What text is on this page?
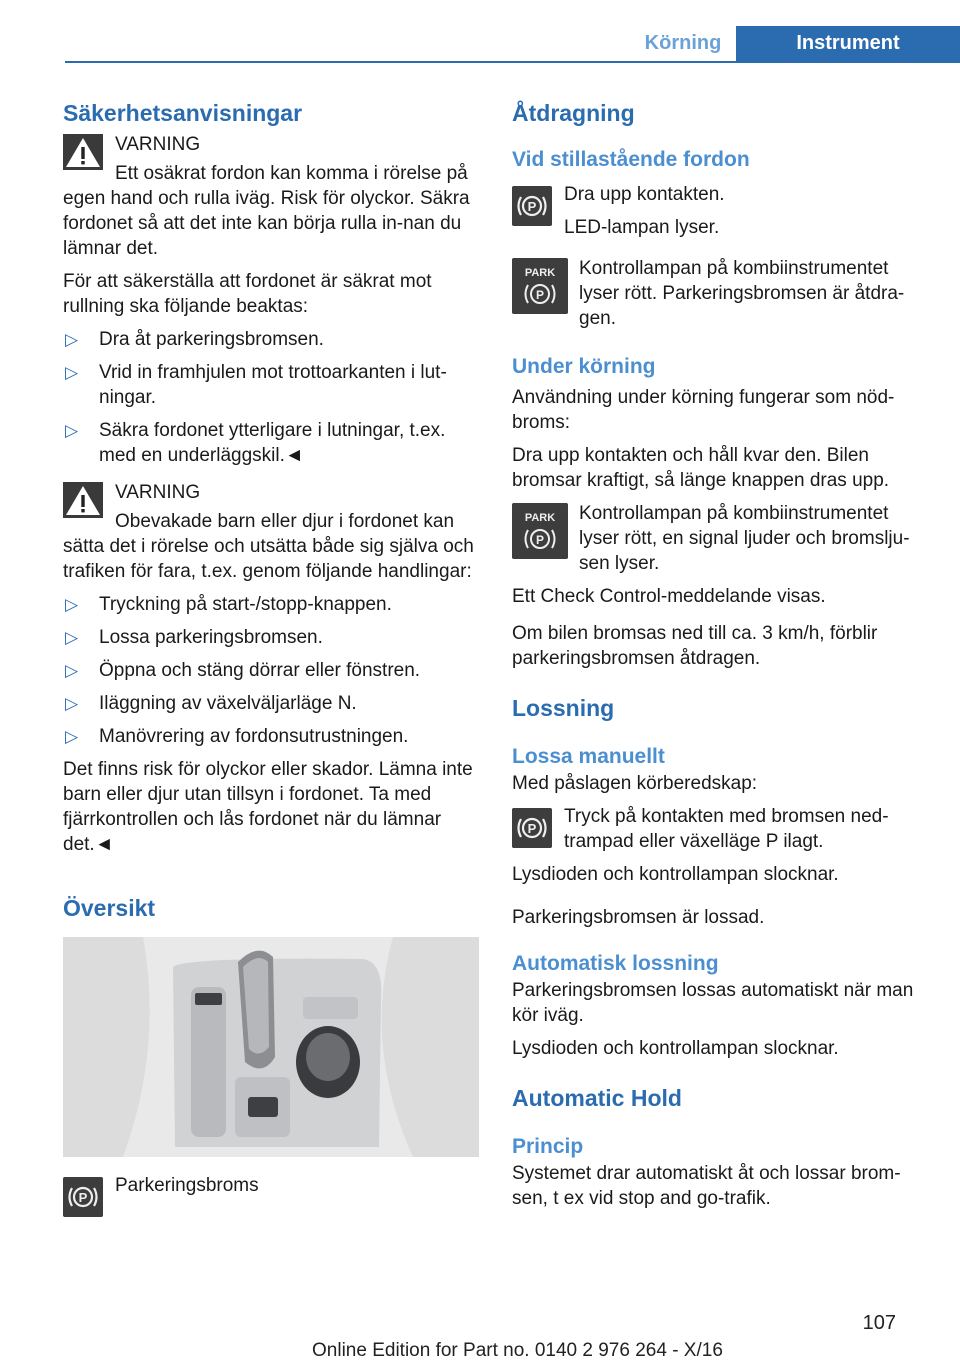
Körning	Instrument
Säkerhetsanvisningar

VARNING

Ett osäkrat fordon kan komma i rörelse på egen hand och rulla iväg. Risk för olyckor. Säkra fordonet så att det inte kan börja rulla in‐nan du lämnar det.

För att säkerställa att fordonet är säkrat mot rullning ska följande beaktas:

▷ Dra åt parkeringsbromsen.
▷ Vrid in framhjulen mot trottoarkanten i lut‐ningar.
▷ Säkra fordonet ytterligare i lutningar, t.ex. med en underläggskil.◄

VARNING

Obevakade barn eller djur i fordonet kan sätta det i rörelse och utsätta både sig själva och trafiken för fara, t.ex. genom följande handlingar:

▷ Tryckning på start-/stopp-knappen.
▷ Lossa parkeringsbromsen.
▷ Öppna och stäng dörrar eller fönstren.
▷ Iläggning av växelväljarläge N.
▷ Manövrering av fordonsutrustningen.

Det finns risk för olyckor eller skador. Lämna inte barn eller djur utan tillsyn i fordonet. Ta med fjärrkontrollen och lås fordonet när du lämnar det.◄

Översikt
P

Parkeringsbroms

Åtdragning
Vid stillastående fordon
P

Dra upp kontakten.

LED-lampan lyser.

PARK
P

Kontrollampan på kombiinstrumentet lyser rött. Parkeringsbromsen är åtdra‐gen.

Under körning

Användning under körning fungerar som nöd‐broms:

Dra upp kontakten och håll kvar den. Bilen bromsar kraftigt, så länge knappen dras upp.

PARK
P

Kontrollampan på kombiinstrumentet lyser rött, en signal ljuder och bromslju‐sen lyser.

Ett Check Control-meddelande visas.

Om bilen bromsas ned till ca. 3 km/h, förblir parkeringsbromsen åtdragen.

Lossning
Lossa manuellt

Med påslagen körberedskap:

P

Tryck på kontakten med bromsen ned‐trampad eller växelläge P ilagt.

Lysdioden och kontrollampan slocknar.

Parkeringsbromsen är lossad.

Automatisk lossning

Parkeringsbromsen lossas automatiskt när man kör iväg.

Lysdioden och kontrollampan slocknar.

Automatic Hold
Princip

Systemet drar automatiskt åt och lossar brom‐sen, t ex vid stop and go-trafik.

107
Online Edition for Part no. 0140 2 976 264 - X/16
